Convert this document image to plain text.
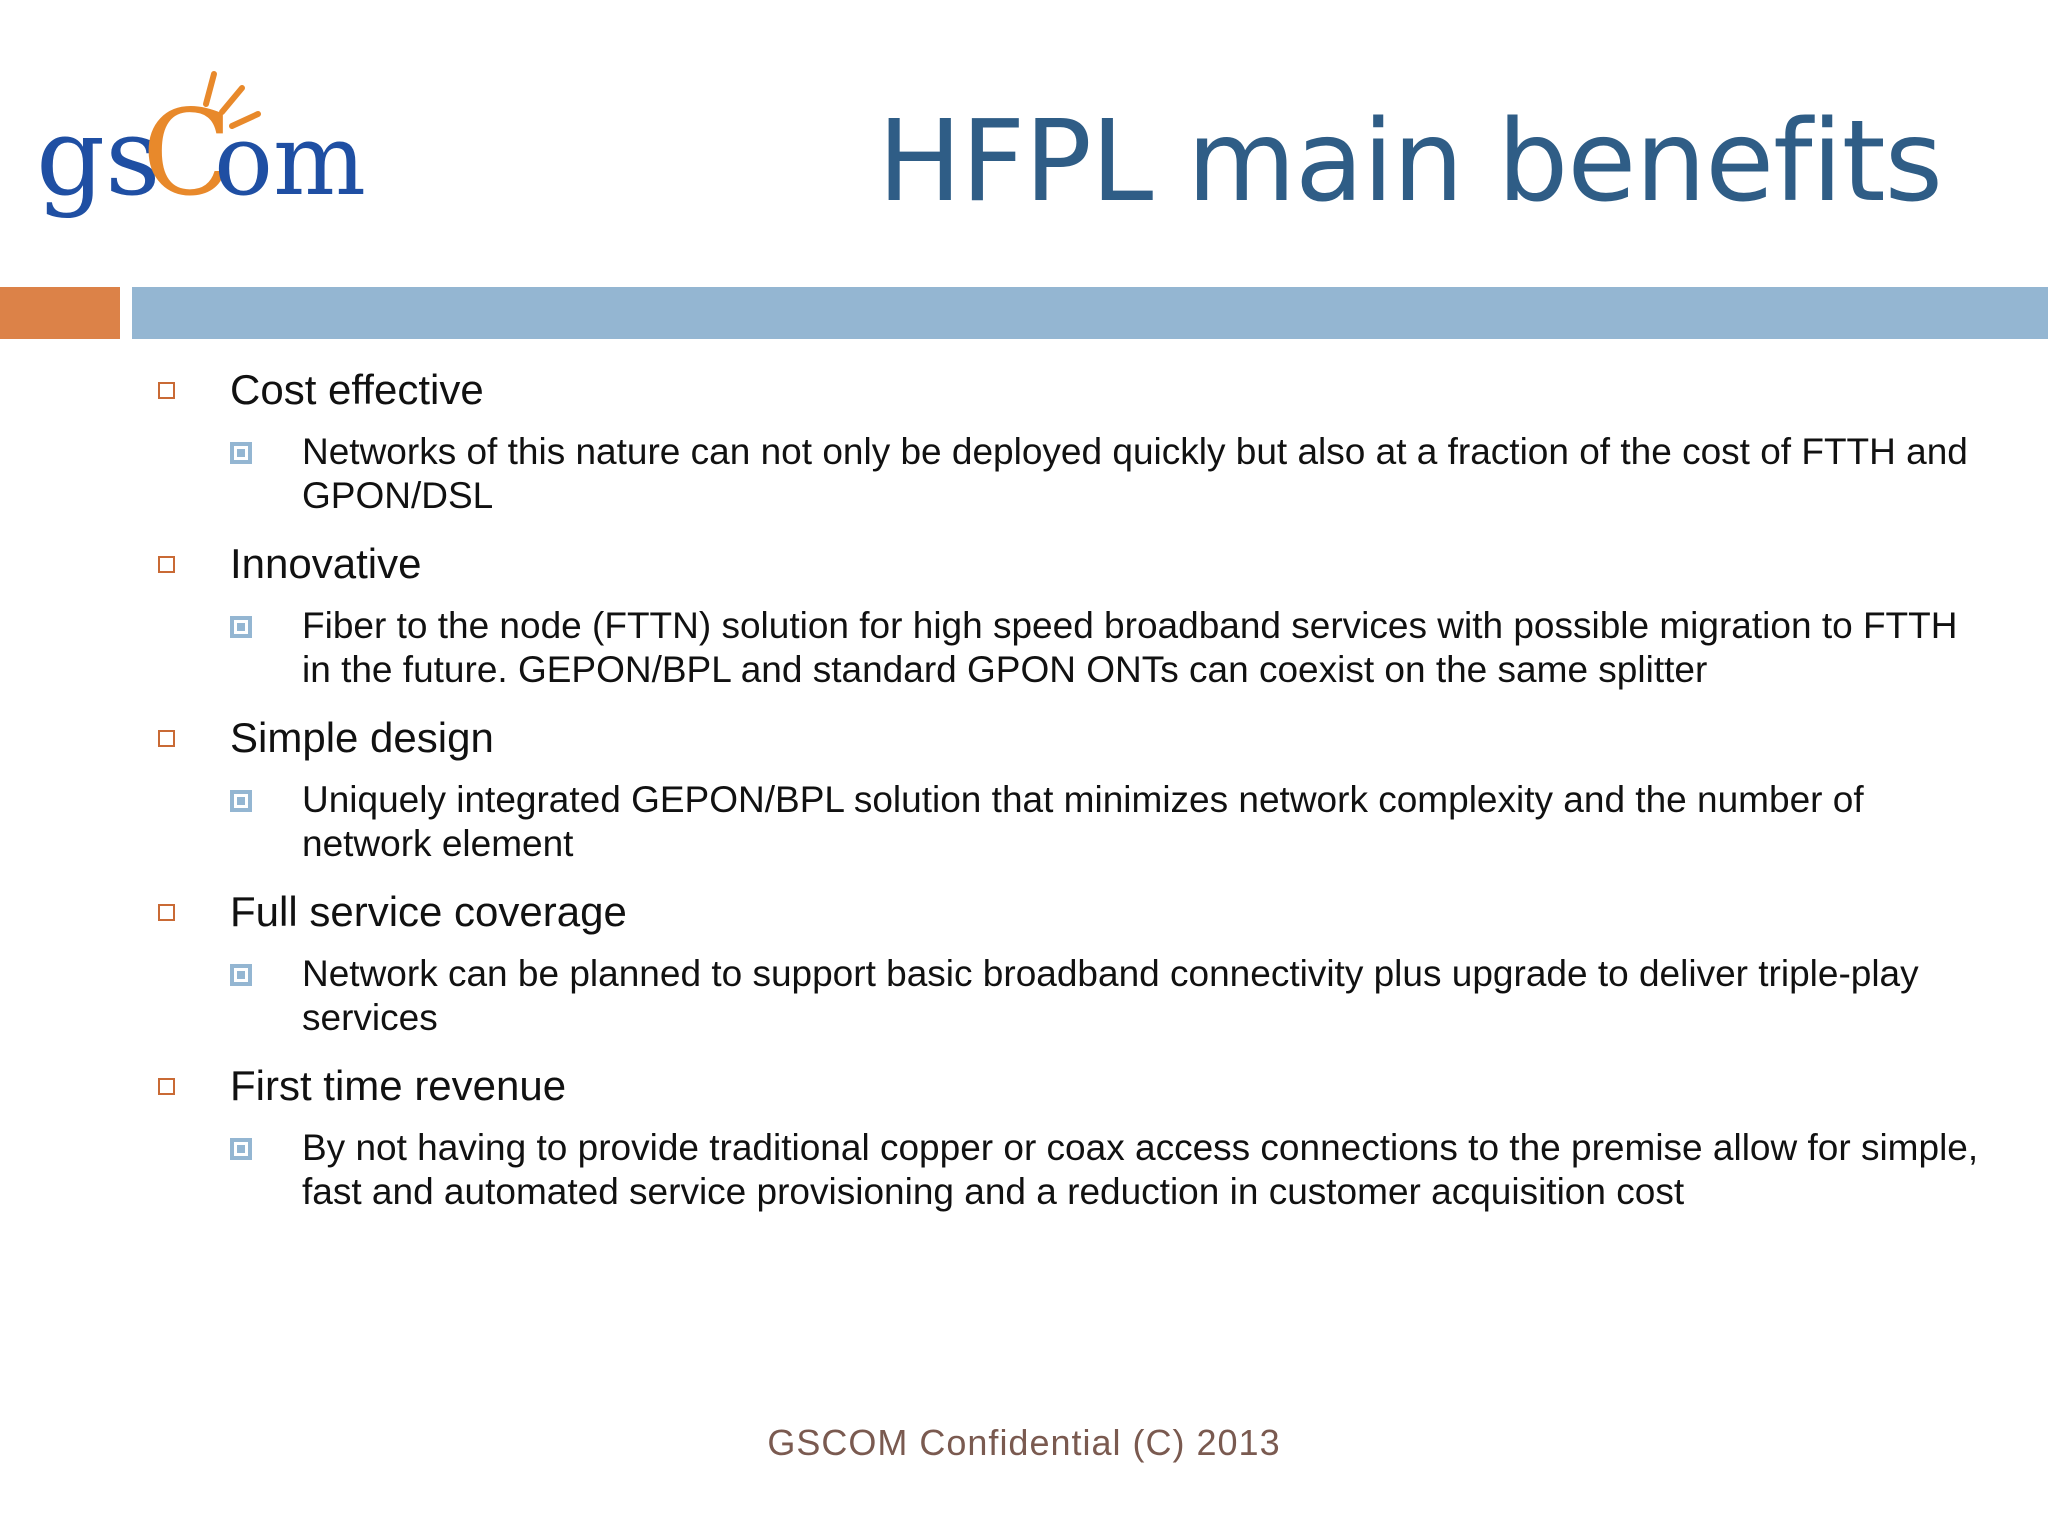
gs
C
om	HFPL main benefits
Cost effective
Networks of this nature can not only be deployed quickly but also at a fraction of the cost of FTTH and GPON/DSL
Innovative
Fiber to the node (FTTN) solution for high speed broadband services with possible migration to FTTH in the future. GEPON/BPL and standard GPON ONTs can coexist on the same splitter
Simple design
Uniquely integrated GEPON/BPL solution that minimizes network complexity and the number of network element
Full service coverage
Network can be planned to support basic broadband connectivity plus upgrade to deliver triple-play services
First time revenue
By not having to provide traditional copper or coax access connections to the premise allow for simple, fast and automated service provisioning and a reduction in customer acquisition cost
GSCOM Confidential (C) 2013
